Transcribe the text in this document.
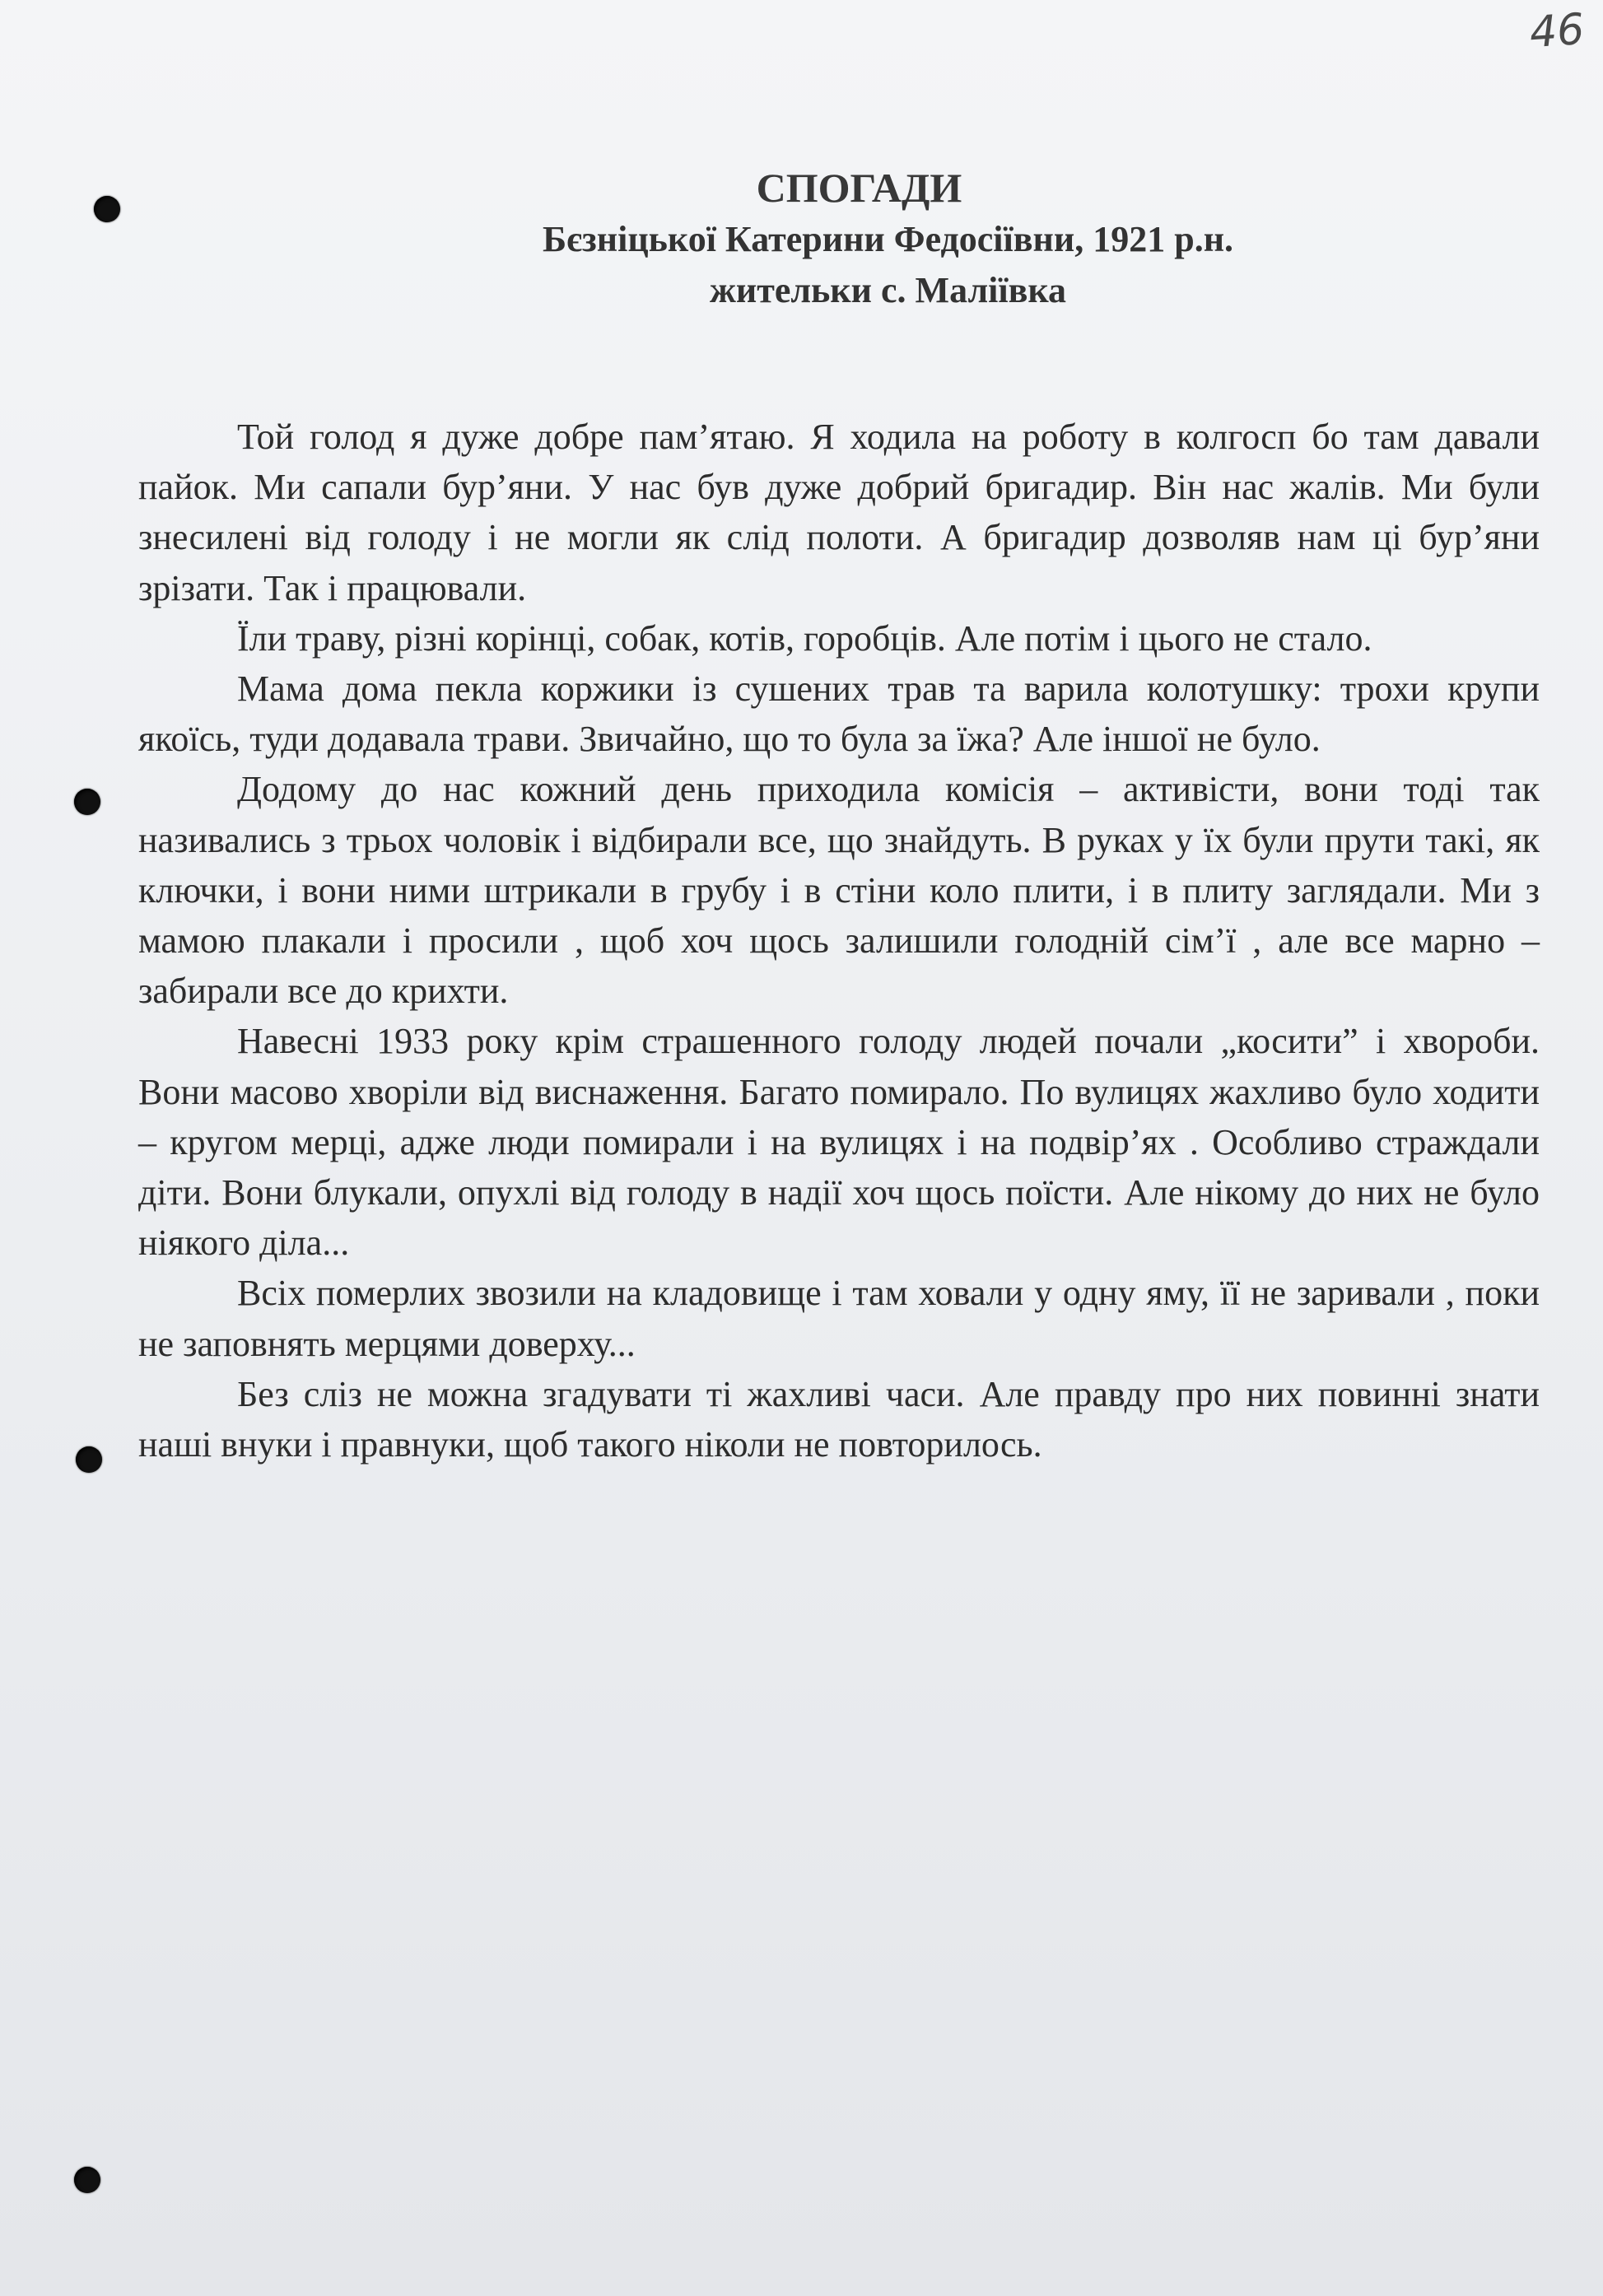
46
СПОГАДИ
Бєзніцької Катерини Федосіївни, 1921 р.н.
жительки с. Маліївка

Той голод я дуже добре пам’ятаю. Я ходила на роботу в колгосп бо там давали пайок. Ми сапали бур’яни. У нас був дуже добрий бригадир. Він нас жалів. Ми були знесилені від голоду і не могли як слід полоти. А бригадир дозволяв нам ці бур’яни зрізати. Так і працювали.

Їли траву, різні корінці, собак, котів, горобців. Але потім і цього не стало.

Мама дома пекла коржики із сушених трав та варила колотушку: трохи крупи якоїсь, туди додавала трави. Звичайно, що то була за їжа? Але іншої не було.

Додому до нас кожний день приходила комісія – активісти, вони тоді так називались з трьох чоловік і відбирали все, що знайдуть. В руках у їх були прути такі, як ключки, і вони ними штрикали в грубу і в стіни коло плити, і в плиту заглядали. Ми з мамою плакали і просили , щоб хоч щось залишили голодній сім’ї , але все марно – забирали все до крихти.

Навесні 1933 року крім страшенного голоду людей почали „косити” і хвороби. Вони масово хворіли від виснаження. Багато помирало. По вулицях жахливо було ходити – кругом мерці, адже люди помирали і на вулицях і на подвір’ях . Особливо страждали діти. Вони блукали, опухлі від голоду в надії хоч щось поїсти. Але нікому до них не було ніякого діла...

Всіх померлих звозили на кладовище і там ховали у одну яму, її не заривали , поки не заповнять мерцями доверху...

Без сліз не можна згадувати ті жахливі часи. Але правду про них повинні знати наші внуки і правнуки, щоб такого ніколи не повторилось.
